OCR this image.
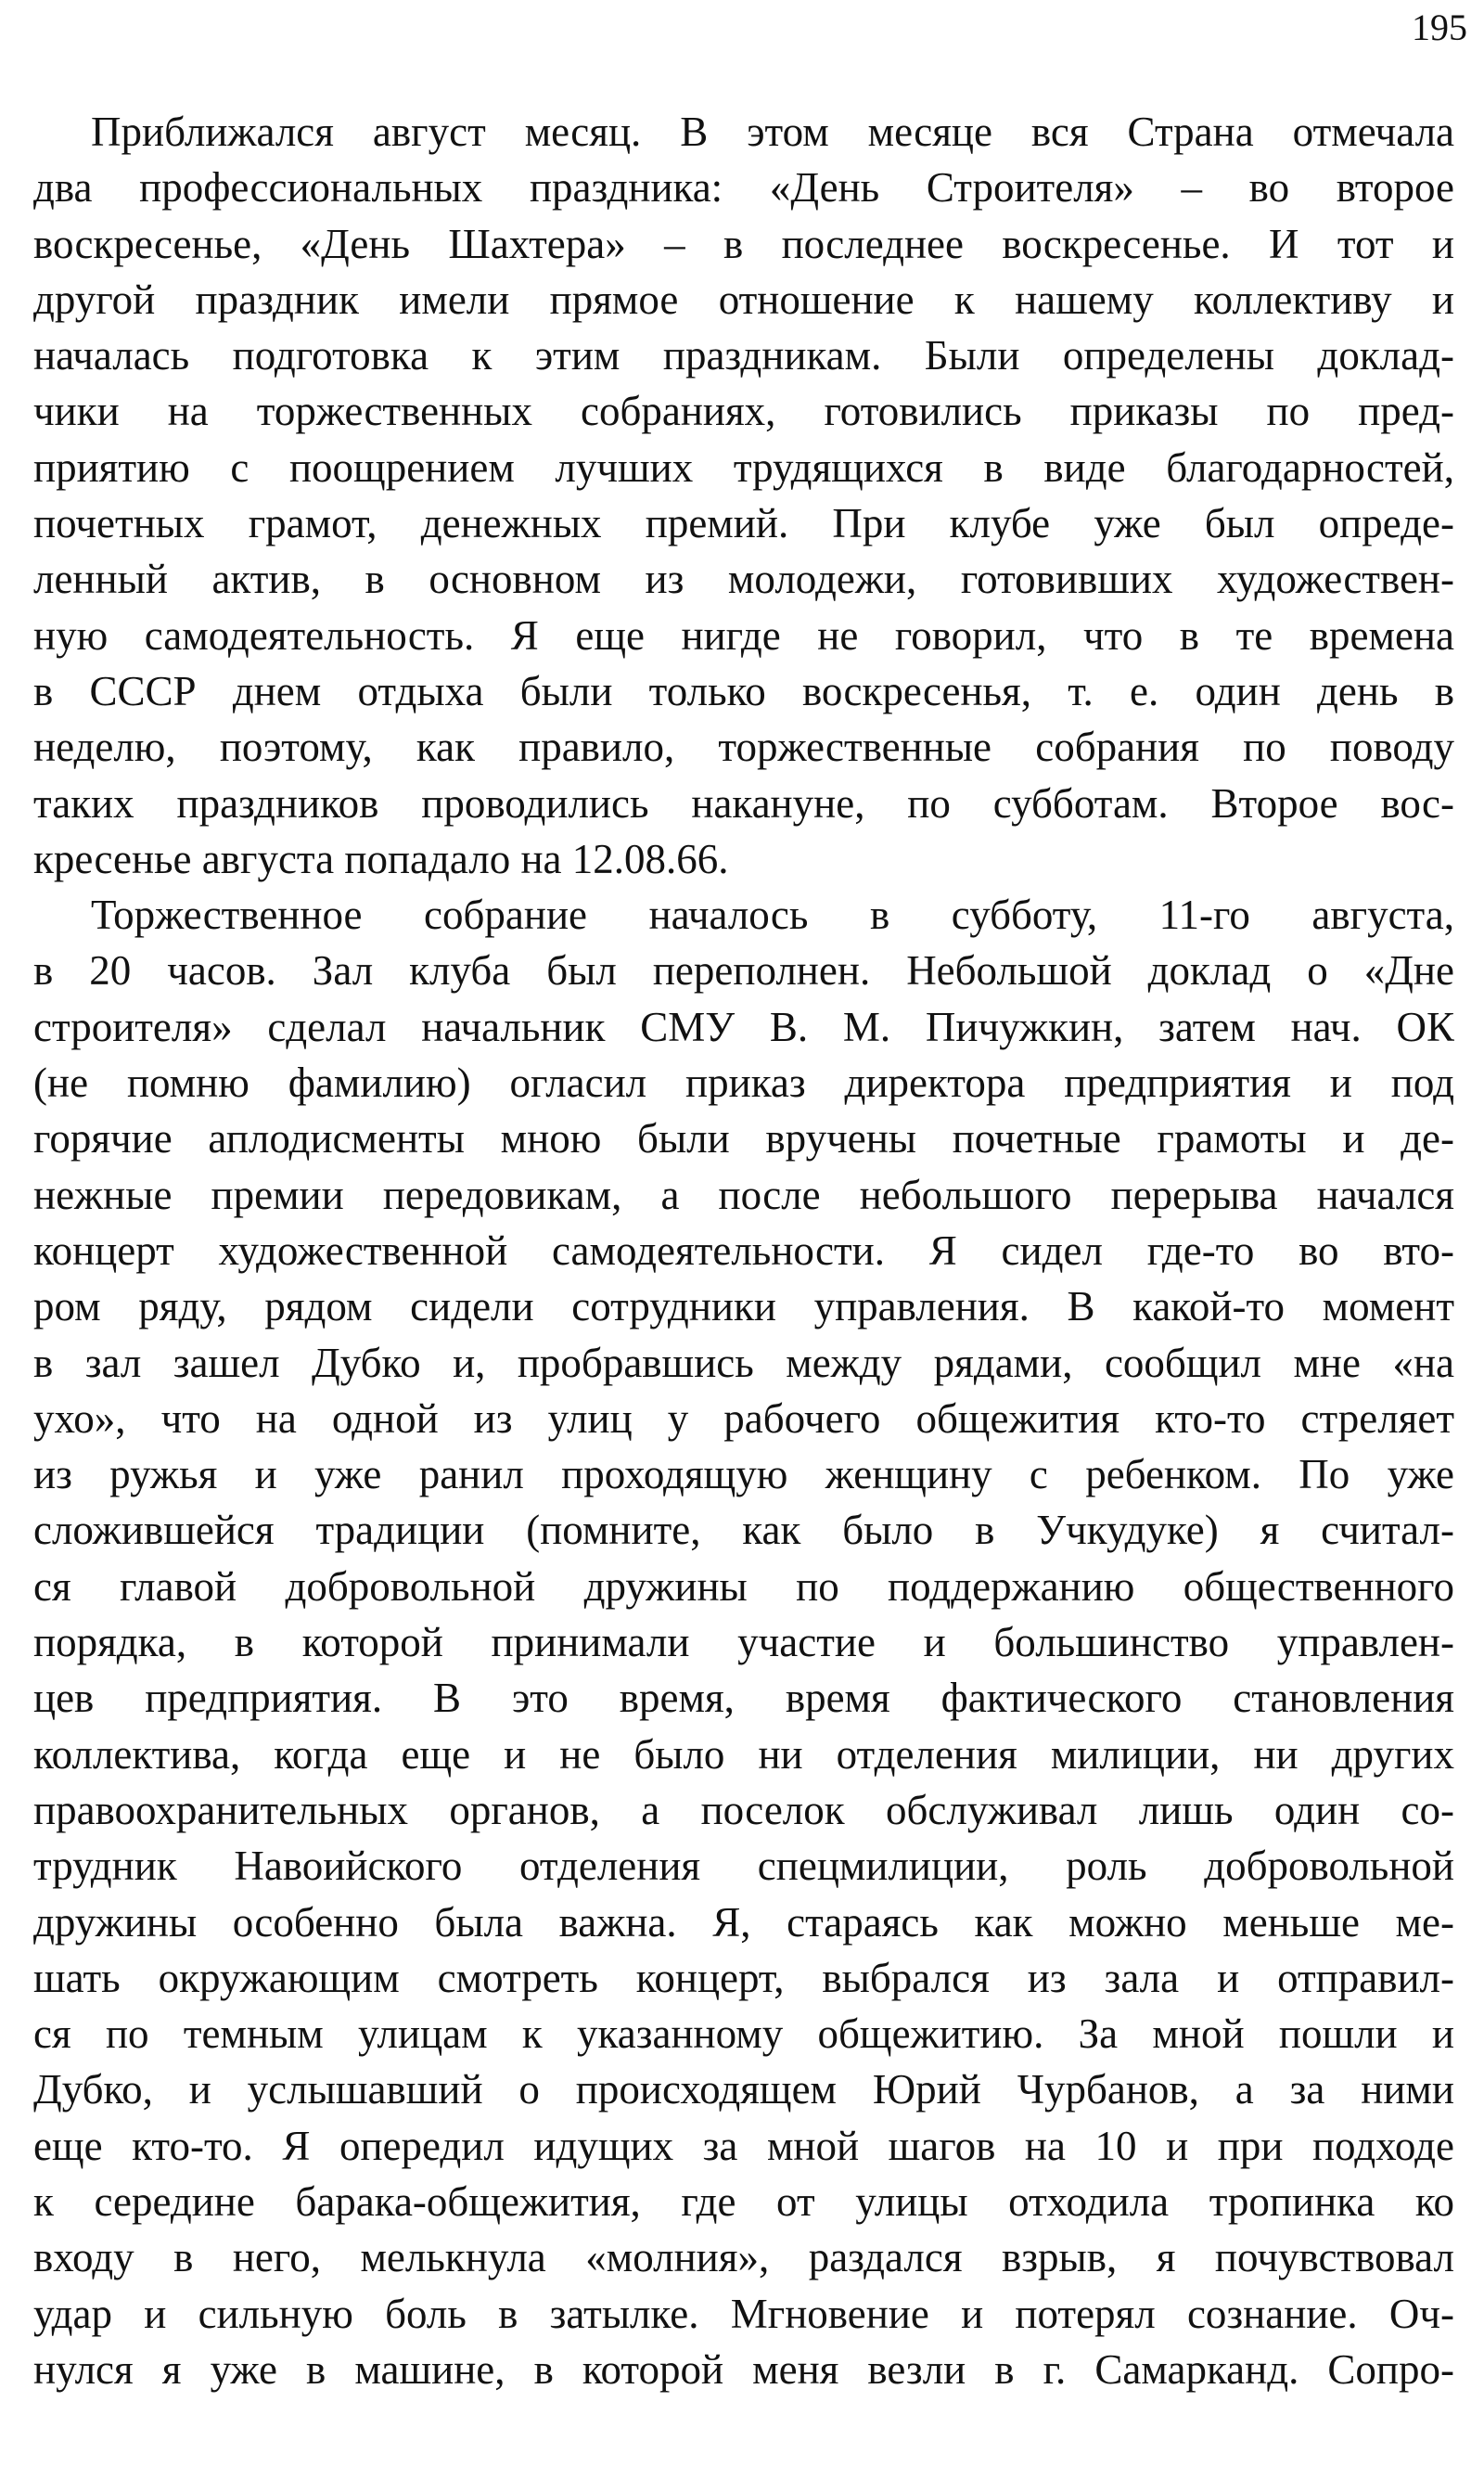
195
Приближался август месяц. В этом месяце вся Страна отмечала
два профессиональных праздника: «День Строителя» – во второе
воскресенье, «День Шахтера» – в последнее воскресенье. И тот и
другой праздник имели прямое отношение к нашему коллективу и
началась подготовка к этим праздникам. Были определены доклад-
чики на торжественных собраниях, готовились приказы по пред-
приятию с поощрением лучших трудящихся в виде благодарностей,
почетных грамот, денежных премий. При клубе уже был опреде-
ленный актив, в основном из молодежи, готовивших художествен-
ную самодеятельность. Я еще нигде не говорил, что в те времена
в СССР днем отдыха были только воскресенья, т. е. один день в
неделю, поэтому, как правило, торжественные собрания по поводу
таких праздников проводились накануне, по субботам. Второе вос-
кресенье августа попадало на 12.08.66.
Торжественное собрание началось в субботу, 11-го августа,
в 20 часов. Зал клуба был переполнен. Небольшой доклад о «Дне
строителя» сделал начальник СМУ В. М. Пичужкин, затем нач. ОК
(не помню фамилию) огласил приказ директора предприятия и под
горячие аплодисменты мною были вручены почетные грамоты и де-
нежные премии передовикам, а после небольшого перерыва начался
концерт художественной самодеятельности. Я сидел где-то во вто-
ром ряду, рядом сидели сотрудники управления. В какой-то момент
в зал зашел Дубко и, пробравшись между рядами, сообщил мне «на
ухо», что на одной из улиц у рабочего общежития кто-то стреляет
из ружья и уже ранил проходящую женщину с ребенком. По уже
сложившейся традиции (помните, как было в Учкудуке) я считал-
ся главой добровольной дружины по поддержанию общественного
порядка, в которой принимали участие и большинство управлен-
цев предприятия. В это время, время фактического становления
коллектива, когда еще и не было ни отделения милиции, ни других
правоохранительных органов, а поселок обслуживал лишь один со-
трудник Навоийского отделения спецмилиции, роль добровольной
дружины особенно была важна. Я, стараясь как можно меньше ме-
шать окружающим смотреть концерт, выбрался из зала и отправил-
ся по темным улицам к указанному общежитию. За мной пошли и
Дубко, и услышавший о происходящем Юрий Чурбанов, а за ними
еще кто-то. Я опередил идущих за мной шагов на 10 и при подходе
к середине барака-общежития, где от улицы отходила тропинка ко
входу в него, мелькнула «молния», раздался взрыв, я почувствовал
удар и сильную боль в затылке. Мгновение и потерял сознание. Оч-
нулся я уже в машине, в которой меня везли в г. Самарканд. Сопро-
